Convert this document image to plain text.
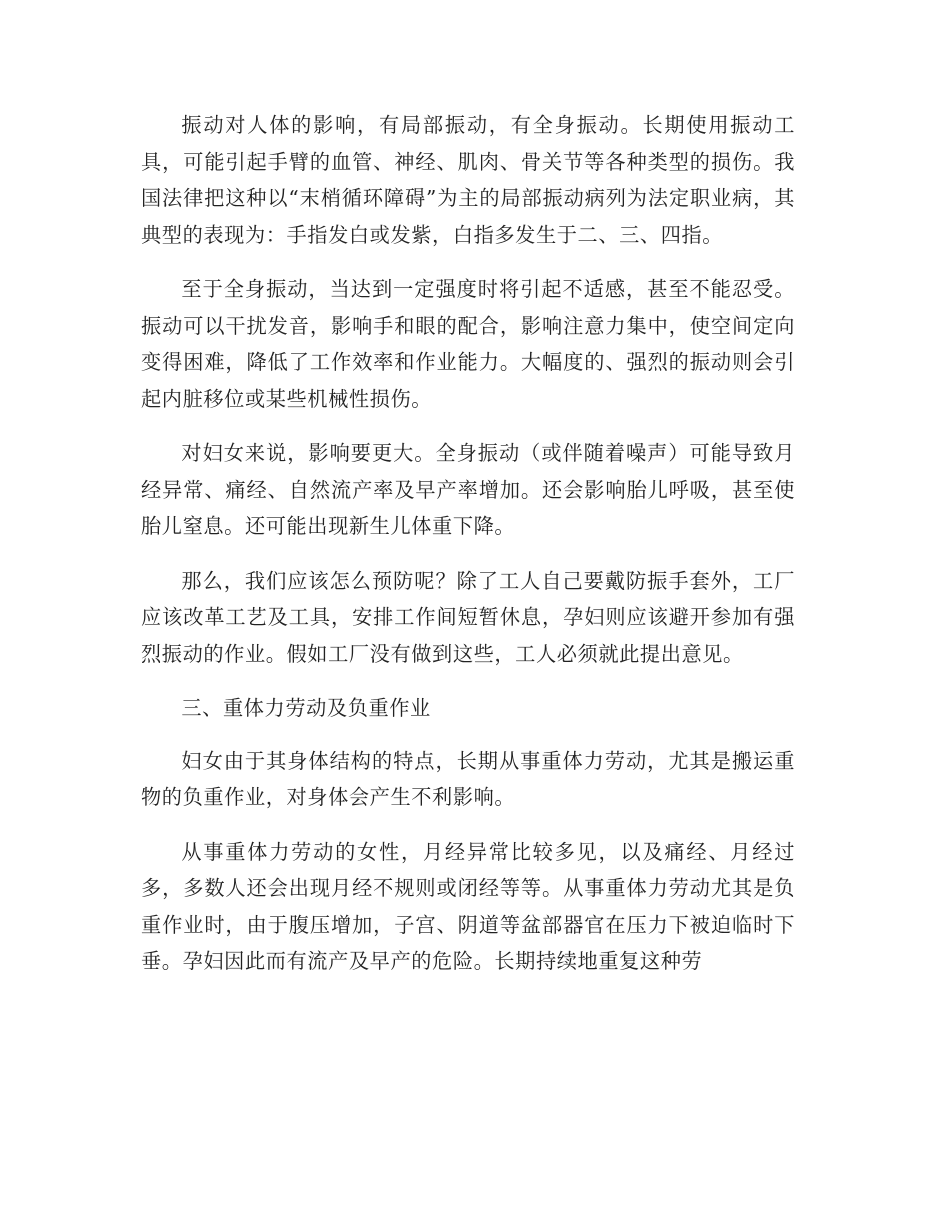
振动对人体的影响，有局部振动，有全身振动。长期使用振动工具，可能引起手臂的血管、神经、肌肉、骨关节等各种类型的损伤。我国法律把这种以“末梢循环障碍”为主的局部振动病列为法定职业病，其典型的表现为：手指发白或发紫，白指多发生于二、三、四指。

至于全身振动，当达到一定强度时将引起不适感，甚至不能忍受。振动可以干扰发音，影响手和眼的配合，影响注意力集中，使空间定向变得困难，降低了工作效率和作业能力。大幅度的、强烈的振动则会引起内脏移位或某些机械性损伤。

对妇女来说，影响要更大。全身振动（或伴随着噪声）可能导致月经异常、痛经、自然流产率及早产率增加。还会影响胎儿呼吸，甚至使胎儿窒息。还可能出现新生儿体重下降。

那么，我们应该怎么预防呢？除了工人自己要戴防振手套外，工厂应该改革工艺及工具，安排工作间短暂休息，孕妇则应该避开参加有强烈振动的作业。假如工厂没有做到这些，工人必须就此提出意见。

三、重体力劳动及负重作业

妇女由于其身体结构的特点，长期从事重体力劳动，尤其是搬运重物的负重作业，对身体会产生不利影响。

从事重体力劳动的女性，月经异常比较多见，以及痛经、月经过多，多数人还会出现月经不规则或闭经等等。从事重体力劳动尤其是负重作业时，由于腹压增加，子宫、阴道等盆部器官在压力下被迫临时下垂。孕妇因此而有流产及早产的危险。长期持续地重复这种劳
